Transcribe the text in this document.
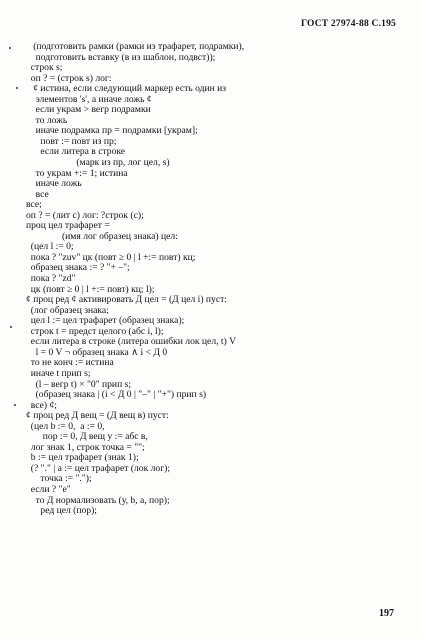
ГОСТ 27974-88 С.195
(подготовить рамки (рамки из трафарет, подрамки),
подготовить вставку (в из шаблон, подвст));
строк s;
оп ? = (строк s) лог:
¢ истина, если следующий маркер есть один из
элементов 's', а иначе ложь ¢
если украм > вегр подрамки
то ложь
иначе подрамка пр = подрамки [украм];
повт := повт из пр;
если литера в строке
(марк из пр, лог цел, s)
то украм +:= 1; истина
иначе ложь
все
все;
оп ? = (лит с) лог: ?строк (с);
проц цел трафарет =
(имя лог образец знака) цел:
(цел l := 0;
пока ? "zuv" цк (повт ≥ 0 | l +:= повт) кц;
образец знака := ? "+ –";
пока ? "zd"
цк (повт ≥ 0 | l +:= повт) кц; l);
¢ проц ред ¢ активировать Д цел = (Д цел i) пуст:
(лог образец знака;
цел l := цел трафарет (образец знака);
строк t = предст целого (абс i, l);
если литера в строке (литера ошибки лок цел, t) V
l = 0 V ¬ образец знака ∧ i < Д 0
то не конч := истина
иначе t прип s;
(l – вегр t) × "0" прип s;
(образец знака | (i < Д 0 | "–" | "+") прип s)
все) ¢;
¢ проц ред Д вещ = (Д вещ в) пуст:
(цел b := 0,  а := 0,
пор := 0, Д вещ у := абс в,
лог знак 1, строк точка = "";
b := цел трафарет (знак 1);
(? "." | а := цел трафарет (лок лог);
точка := ".");
если ? "е"
то Д нормализовать (у, b, а, пор);
ред цел (пор);
197
